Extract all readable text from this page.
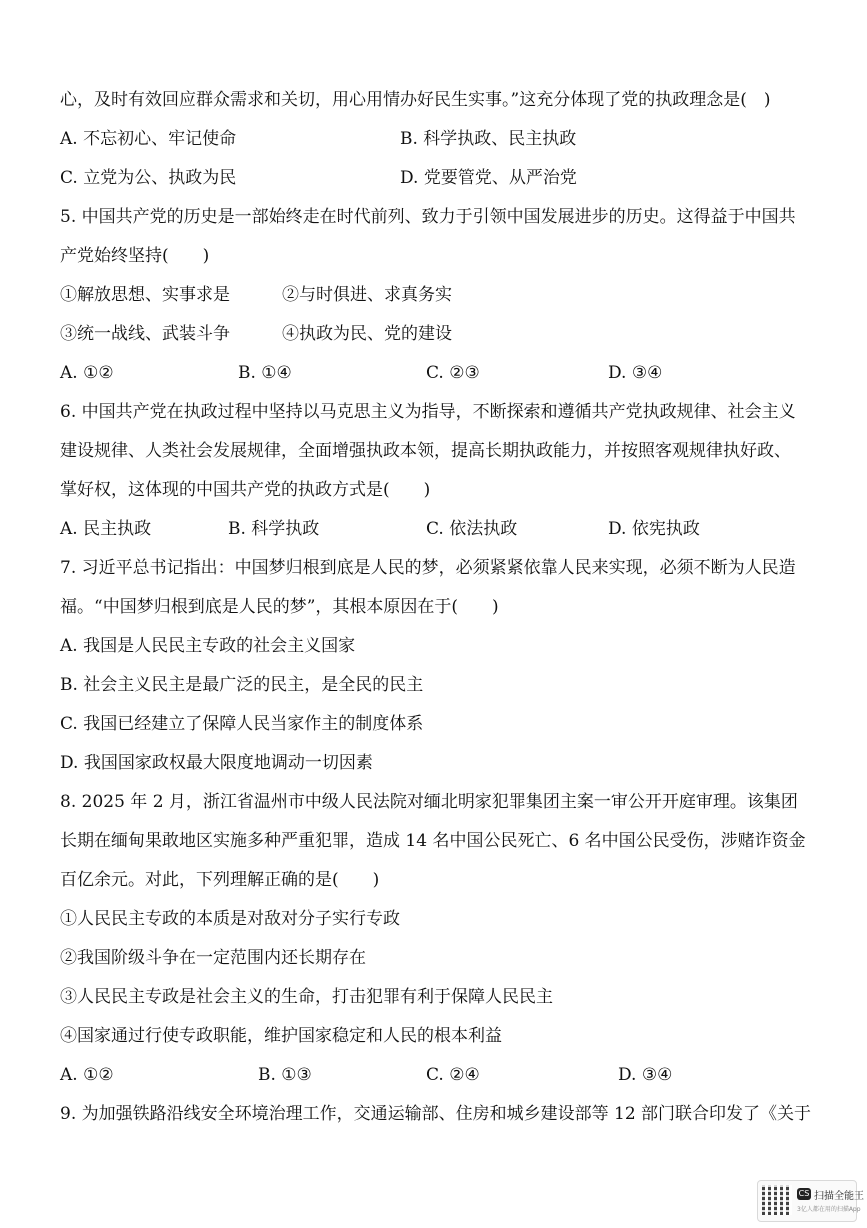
心，及时有效回应群众需求和关切，用心用情办好民生实事。”这充分体现了党的执政理念是(　)
A. 不忘初心、牢记使命	B. 科学执政、民主执政
C. 立党为公、执政为民	D. 党要管党、从严治党
5. 中国共产党的历史是一部始终走在时代前列、致力于引领中国发展进步的历史。这得益于中国共
产党始终坚持(　　)
①解放思想、实事求是	②与时俱进、求真务实
③统一战线、武装斗争	④执政为民、党的建设
A. ①②	B. ①④	C. ②③	D. ③④
6. 中国共产党在执政过程中坚持以马克思主义为指导，不断探索和遵循共产党执政规律、社会主义
建设规律、人类社会发展规律，全面增强执政本领，提高长期执政能力，并按照客观规律执好政、
掌好权，这体现的中国共产党的执政方式是(　　)
A. 民主执政	B. 科学执政	C. 依法执政	D. 依宪执政
7. 习近平总书记指出：中国梦归根到底是人民的梦，必须紧紧依靠人民来实现，必须不断为人民造
福。“中国梦归根到底是人民的梦”，其根本原因在于(　　)
A. 我国是人民民主专政的社会主义国家
B. 社会主义民主是最广泛的民主，是全民的民主
C. 我国已经建立了保障人民当家作主的制度体系
D. 我国国家政权最大限度地调动一切因素
8. 2025 年 2 月，浙江省温州市中级人民法院对缅北明家犯罪集团主案一审公开开庭审理。该集团
长期在缅甸果敢地区实施多种严重犯罪，造成 14 名中国公民死亡、6 名中国公民受伤，涉赌诈资金
百亿余元。对此，下列理解正确的是(　　)
①人民民主专政的本质是对敌对分子实行专政
②我国阶级斗争在一定范围内还长期存在
③人民民主专政是社会主义的生命，打击犯罪有利于保障人民民主
④国家通过行使专政职能，维护国家稳定和人民的根本利益
A. ①②	B. ①③	C. ②④	D. ③④
9. 为加强铁路沿线安全环境治理工作，交通运输部、住房和城乡建设部等 12 部门联合印发了《关于
CS 扫描全能王
3亿人都在用的扫描App
